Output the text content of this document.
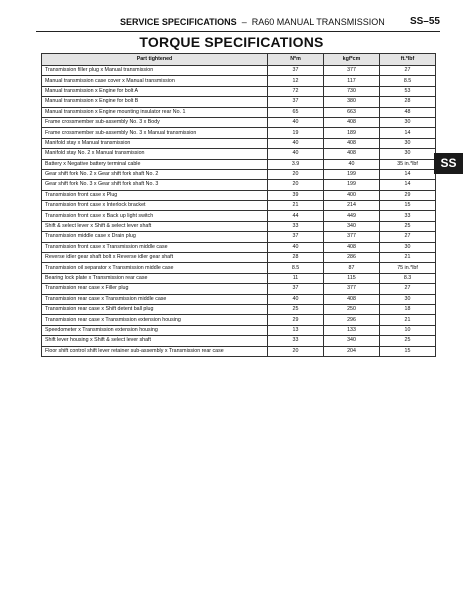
SERVICE SPECIFICATIONS – RA60 MANUAL TRANSMISSION	SS–55
TORQUE SPECIFICATIONS
Part tightened	N*m	kgf*cm	ft.*lbf
Transmission filler plug x Manual transmission	37	377	27
Manual transmission case cover x Manual transmission	12	117	8.5
Manual transmission x Engine for bolt A	72	730	53
Manual transmission x Engine for bolt B	37	380	28
Manual transmission x Engine mounting insulator rear No. 1	65	663	48
Frame crossmember sub-assembly No. 3 x Body	40	408	30
Frame crossmember sub-assembly No. 3 x Manual transmission	19	189	14
Manifold stay x Manual transmission	40	408	30
Manifold stay No. 2 x Manual transmission	40	408	30
Battery x Negative battery terminal cable	3.9	40	35 in.*lbf
Gear shift fork No. 2 x Gear shift fork shaft No. 2	20	199	14
Gear shift fork No. 3 x Gear shift fork shaft No. 3	20	199	14
Transmission front case x Plug	39	400	29
Transmission front case x Interlock bracket	21	214	15
Transmission front case x Back up light switch	44	449	33
Shift & select lever x Shift & select lever shaft	33	340	25
Transmission middle case x Drain plug	37	377	27
Transmission front case x Transmission middle case	40	408	30
Reverse idler gear shaft bolt x Reverse idler gear shaft	28	286	21
Transmission oil separator x Transmission middle case	8.5	87	75 in.*lbf
Bearing lock plate x Transmission rear case	11	115	8.3
Transmission rear case x Filler plug	37	377	27
Transmission rear case x Transmission middle case	40	408	30
Transmission rear case x Shift detent ball plug	25	250	18
Transmission rear case x Transmission extension housing	29	296	21
Speedometer x Transmission extension housing	13	133	10
Shift lever housing x Shift & select lever shaft	33	340	25
Floor shift control shift lever retainer sub-assembly x Transmission rear case	20	204	15
SS
